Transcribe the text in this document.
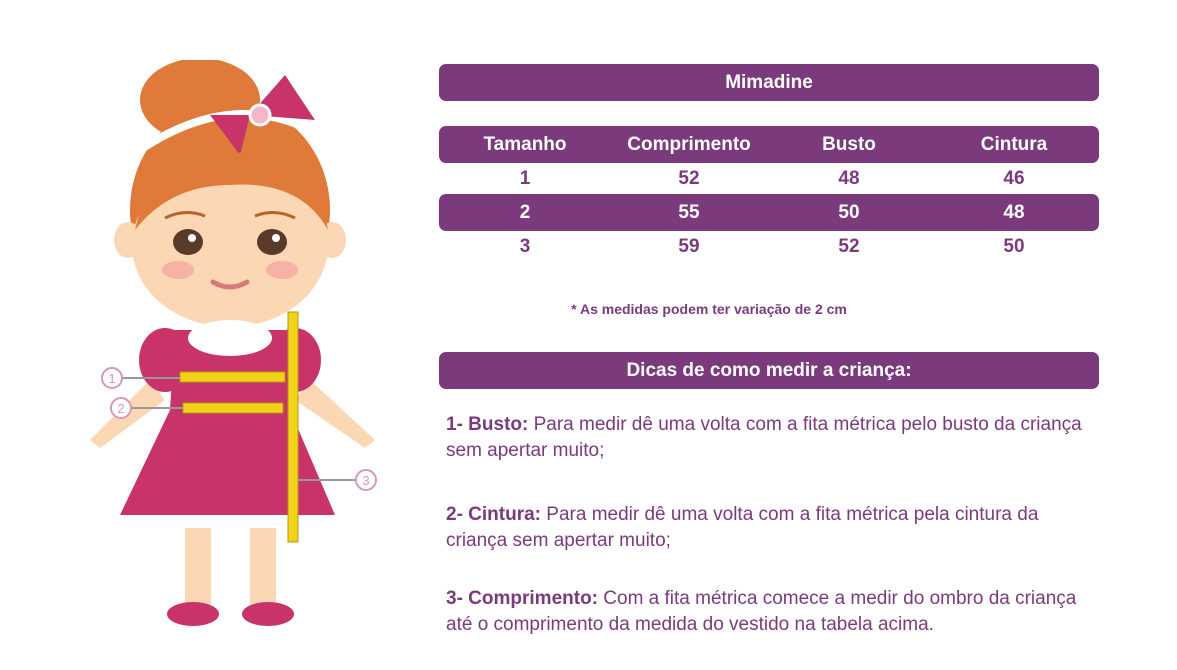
1
2
3
Mimadine
Tamanho	Comprimento	Busto	Cintura
1	52	48	46
2	55	50	48
3	59	52	50
* As medidas podem ter variação de 2 cm
Dicas de como medir a criança:
1- Busto: Para medir dê uma volta com a fita métrica pelo busto da criança sem apertar muito;
2- Cintura: Para medir dê uma volta com a fita métrica pela cintura da criança sem apertar muito;
3- Comprimento: Com a fita métrica comece a medir do ombro da criança até o comprimento da medida do vestido na tabela acima.
